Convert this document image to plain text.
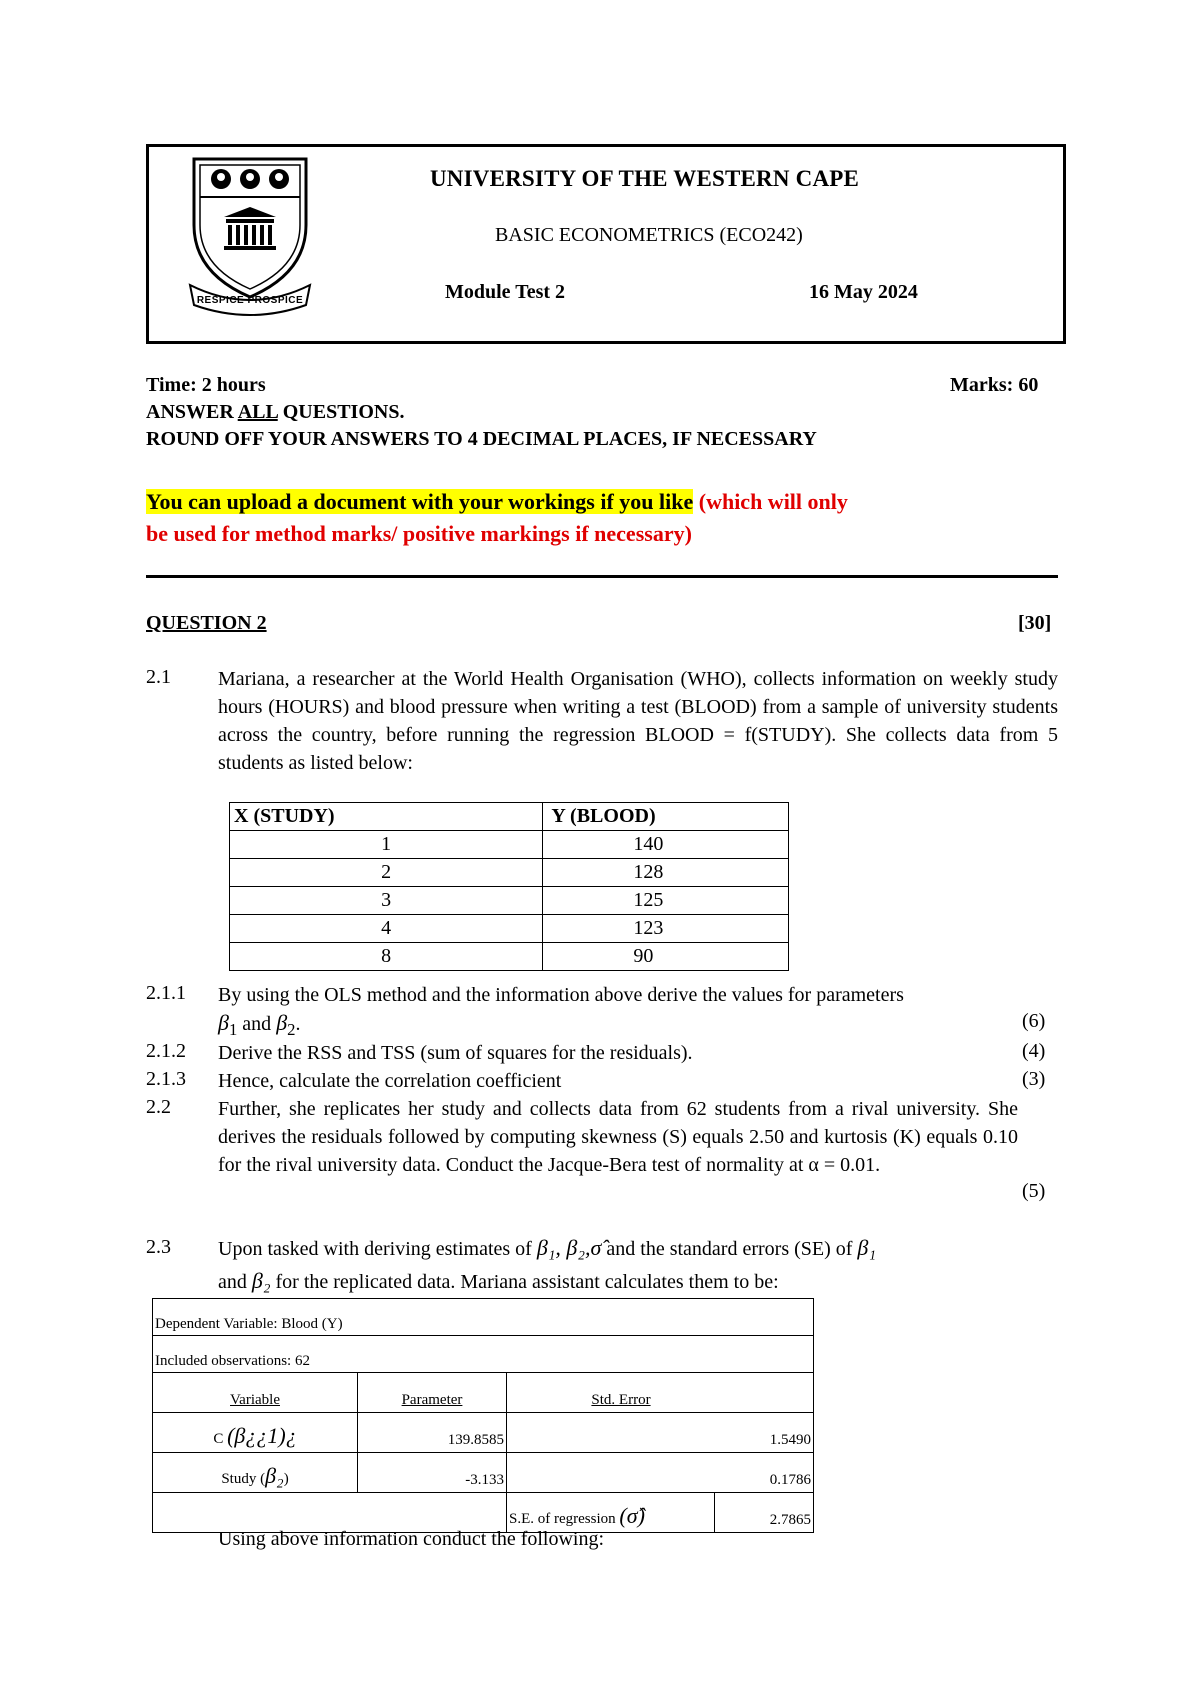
RESPICE PROSPICE
UNIVERSITY OF THE WESTERN CAPE
BASIC ECONOMETRICS (ECO242)
Module Test 2	16 May 2024
Time: 2 hours	Marks: 60
ANSWER ALL QUESTIONS.
ROUND OFF YOUR ANSWERS TO 4 DECIMAL PLACES, IF NECESSARY
You can upload a document with your workings if you like (which will only
be used for method marks/ positive markings if necessary)
QUESTION 2	[30]
2.1 Mariana, a researcher at the World Health Organisation (WHO), collects information on weekly study hours (HOURS) and blood pressure when writing a test (BLOOD) from a sample of university students across the country, before running the regression BLOOD = f(STUDY). She collects data from 5 students as listed below:
X (STUDY)	Y (BLOOD)
1	140
2	128
3	125
4	123
8	90
2.1.1 By using the OLS method and the information above derive the values for parameters
$\beta_1$ and $\beta_2$.	(6)
2.1.2 Derive the RSS and TSS (sum of squares for the residuals).	(4)
2.1.3 Hence, calculate the correlation coefficient	(3)
2.2 Further, she replicates her study and collects data from 62 students from a rival university. She derives the residuals followed by computing skewness (S) equals 2.50 and kurtosis (K) equals 0.10 for the rival university data. Conduct the Jacque-Bera test of normality at α = 0.01.
(5)
2.3 Upon tasked with deriving estimates of β₁, β₂,σ̂ and the standard errors (SE) of β₁
and β₂ for the replicated data. Mariana assistant calculates them to be:
Dependent Variable: Blood (Y)			
Included observations: 62			
Variable	Parameter	Std. Error	
C (β¿¿1)¿	139.8585	1.5490	
Study (β₂)	-3.133	0.1786	
		S.E. of regression (σ̂)	2.7865
Using above information conduct the following:
